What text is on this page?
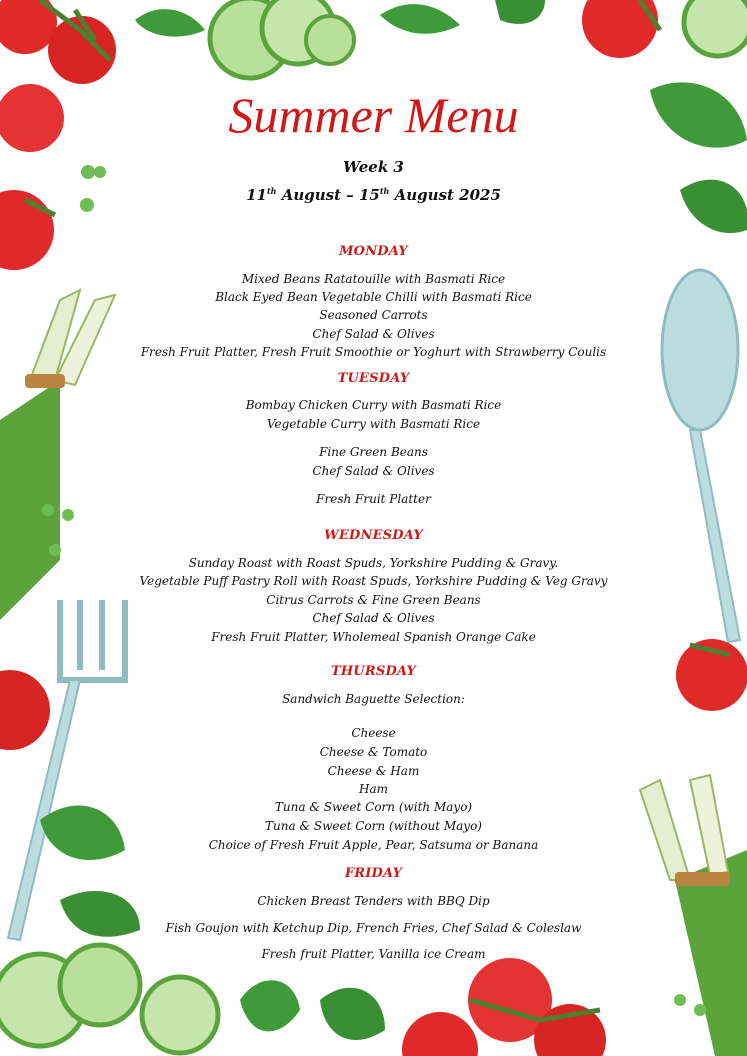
Summer Menu
Week 3
11th August – 15th August 2025
MONDAY
Mixed Beans Ratatouille with Basmati Rice
Black Eyed Bean Vegetable Chilli with Basmati Rice
Seasoned Carrots
Chef Salad & Olives
Fresh Fruit Platter, Fresh Fruit Smoothie or Yoghurt with Strawberry Coulis
TUESDAY
Bombay Chicken Curry with Basmati Rice
Vegetable Curry with Basmati Rice
Fine Green Beans
Chef Salad & Olives
Fresh Fruit Platter
WEDNESDAY
Sunday Roast with Roast Spuds, Yorkshire Pudding & Gravy.
Vegetable Puff Pastry Roll with Roast Spuds, Yorkshire Pudding & Veg Gravy
Citrus Carrots & Fine Green Beans
Chef Salad & Olives
Fresh Fruit Platter, Wholemeal Spanish Orange Cake
THURSDAY
Sandwich Baguette Selection:
Cheese
Cheese & Tomato
Cheese & Ham
Ham
Tuna & Sweet Corn (with Mayo)
Tuna & Sweet Corn (without Mayo)
Choice of Fresh Fruit Apple, Pear, Satsuma or Banana
FRIDAY
Chicken Breast Tenders with BBQ Dip
Fish Goujon with Ketchup Dip, French Fries, Chef Salad & Coleslaw
Fresh fruit Platter, Vanilla ice Cream
